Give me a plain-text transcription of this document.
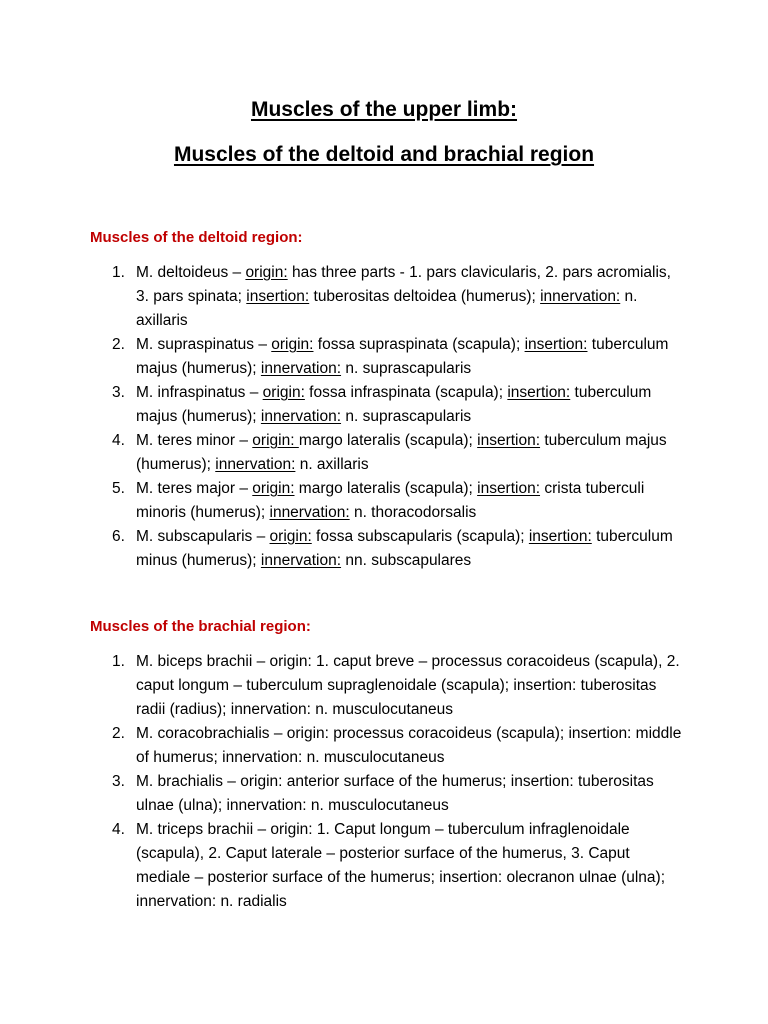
Muscles of the upper limb:
Muscles of the deltoid and brachial region
Muscles of the deltoid region:
1. M. deltoideus – origin: has three parts - 1. pars clavicularis, 2. pars acromialis, 3. pars spinata; insertion: tuberositas deltoidea (humerus); innervation: n. axillaris
2. M. supraspinatus – origin: fossa supraspinata (scapula); insertion: tuberculum majus (humerus); innervation: n. suprascapularis
3. M. infraspinatus – origin: fossa infraspinata (scapula); insertion: tuberculum majus (humerus); innervation: n. suprascapularis
4. M. teres minor – origin: margo lateralis (scapula); insertion: tuberculum majus (humerus); innervation: n. axillaris
5. M. teres major – origin: margo lateralis (scapula); insertion: crista tuberculi minoris (humerus); innervation: n. thoracodorsalis
6. M. subscapularis – origin: fossa subscapularis (scapula); insertion: tuberculum minus (humerus); innervation: nn. subscapulares
Muscles of the brachial region:
1. M. biceps brachii – origin: 1. caput breve – processus coracoideus (scapula), 2. caput longum – tuberculum supraglenoidale (scapula); insertion: tuberositas radii (radius); innervation: n. musculocutaneus
2. M. coracobrachialis – origin: processus coracoideus (scapula); insertion: middle of humerus; innervation: n. musculocutaneus
3. M. brachialis – origin: anterior surface of the humerus; insertion: tuberositas ulnae (ulna); innervation: n. musculocutaneus
4. M. triceps brachii – origin: 1. Caput longum – tuberculum infraglenoidale (scapula), 2. Caput laterale – posterior surface of the humerus, 3. Caput mediale – posterior surface of the humerus; insertion: olecranon ulnae (ulna); innervation: n. radialis
